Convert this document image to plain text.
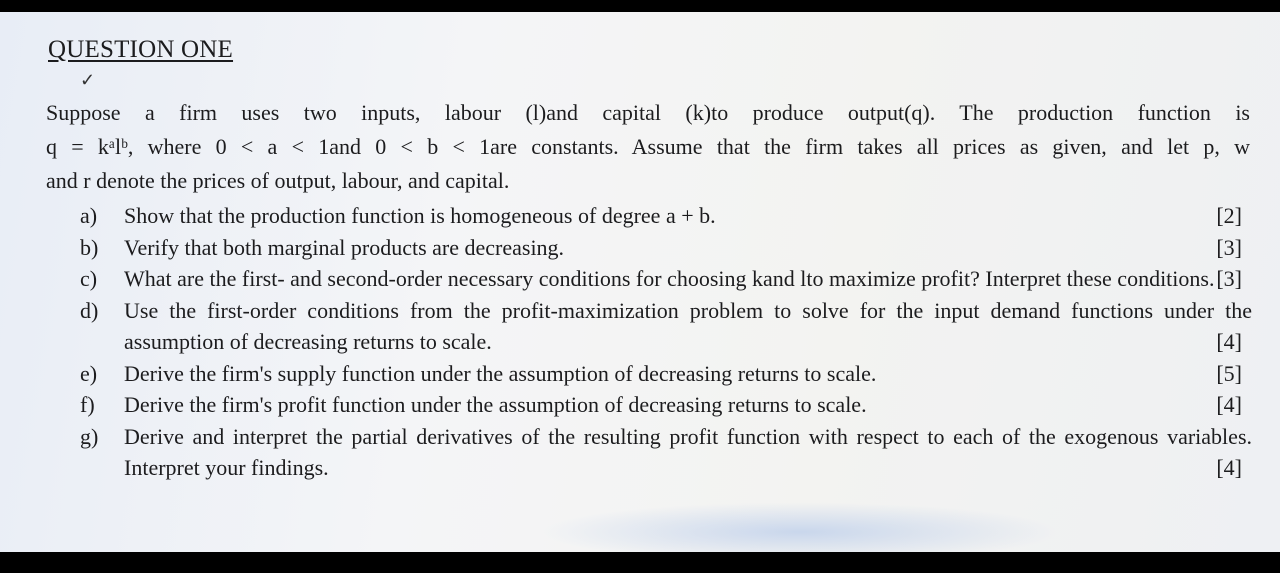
QUESTION ONE
✓

Suppose a firm uses two inputs, labour (l)and capital (k)to produce output(q). The production function is
q = kᵃlᵇ, where 0 < a < 1and 0 < b < 1are constants. Assume that the firm takes all prices as given, and let p, w
and r denote the prices of output, labour, and capital.

a) Show that the production function is homogeneous of degree a + b.	[2]
b) Verify that both marginal products are decreasing.	[3]
c) What are the first- and second-order necessary conditions for choosing kand lto maximize profit? Interpret these conditions. [3]
d) Use the first-order conditions from the profit-maximization problem to solve for the input demand functions under the assumption of decreasing returns to scale.	[4]
e) Derive the firm's supply function under the assumption of decreasing returns to scale.	[5]
f) Derive the firm's profit function under the assumption of decreasing returns to scale.	[4]
g) Derive and interpret the partial derivatives of the resulting profit function with respect to each of the exogenous variables. Interpret your findings.	[4]
